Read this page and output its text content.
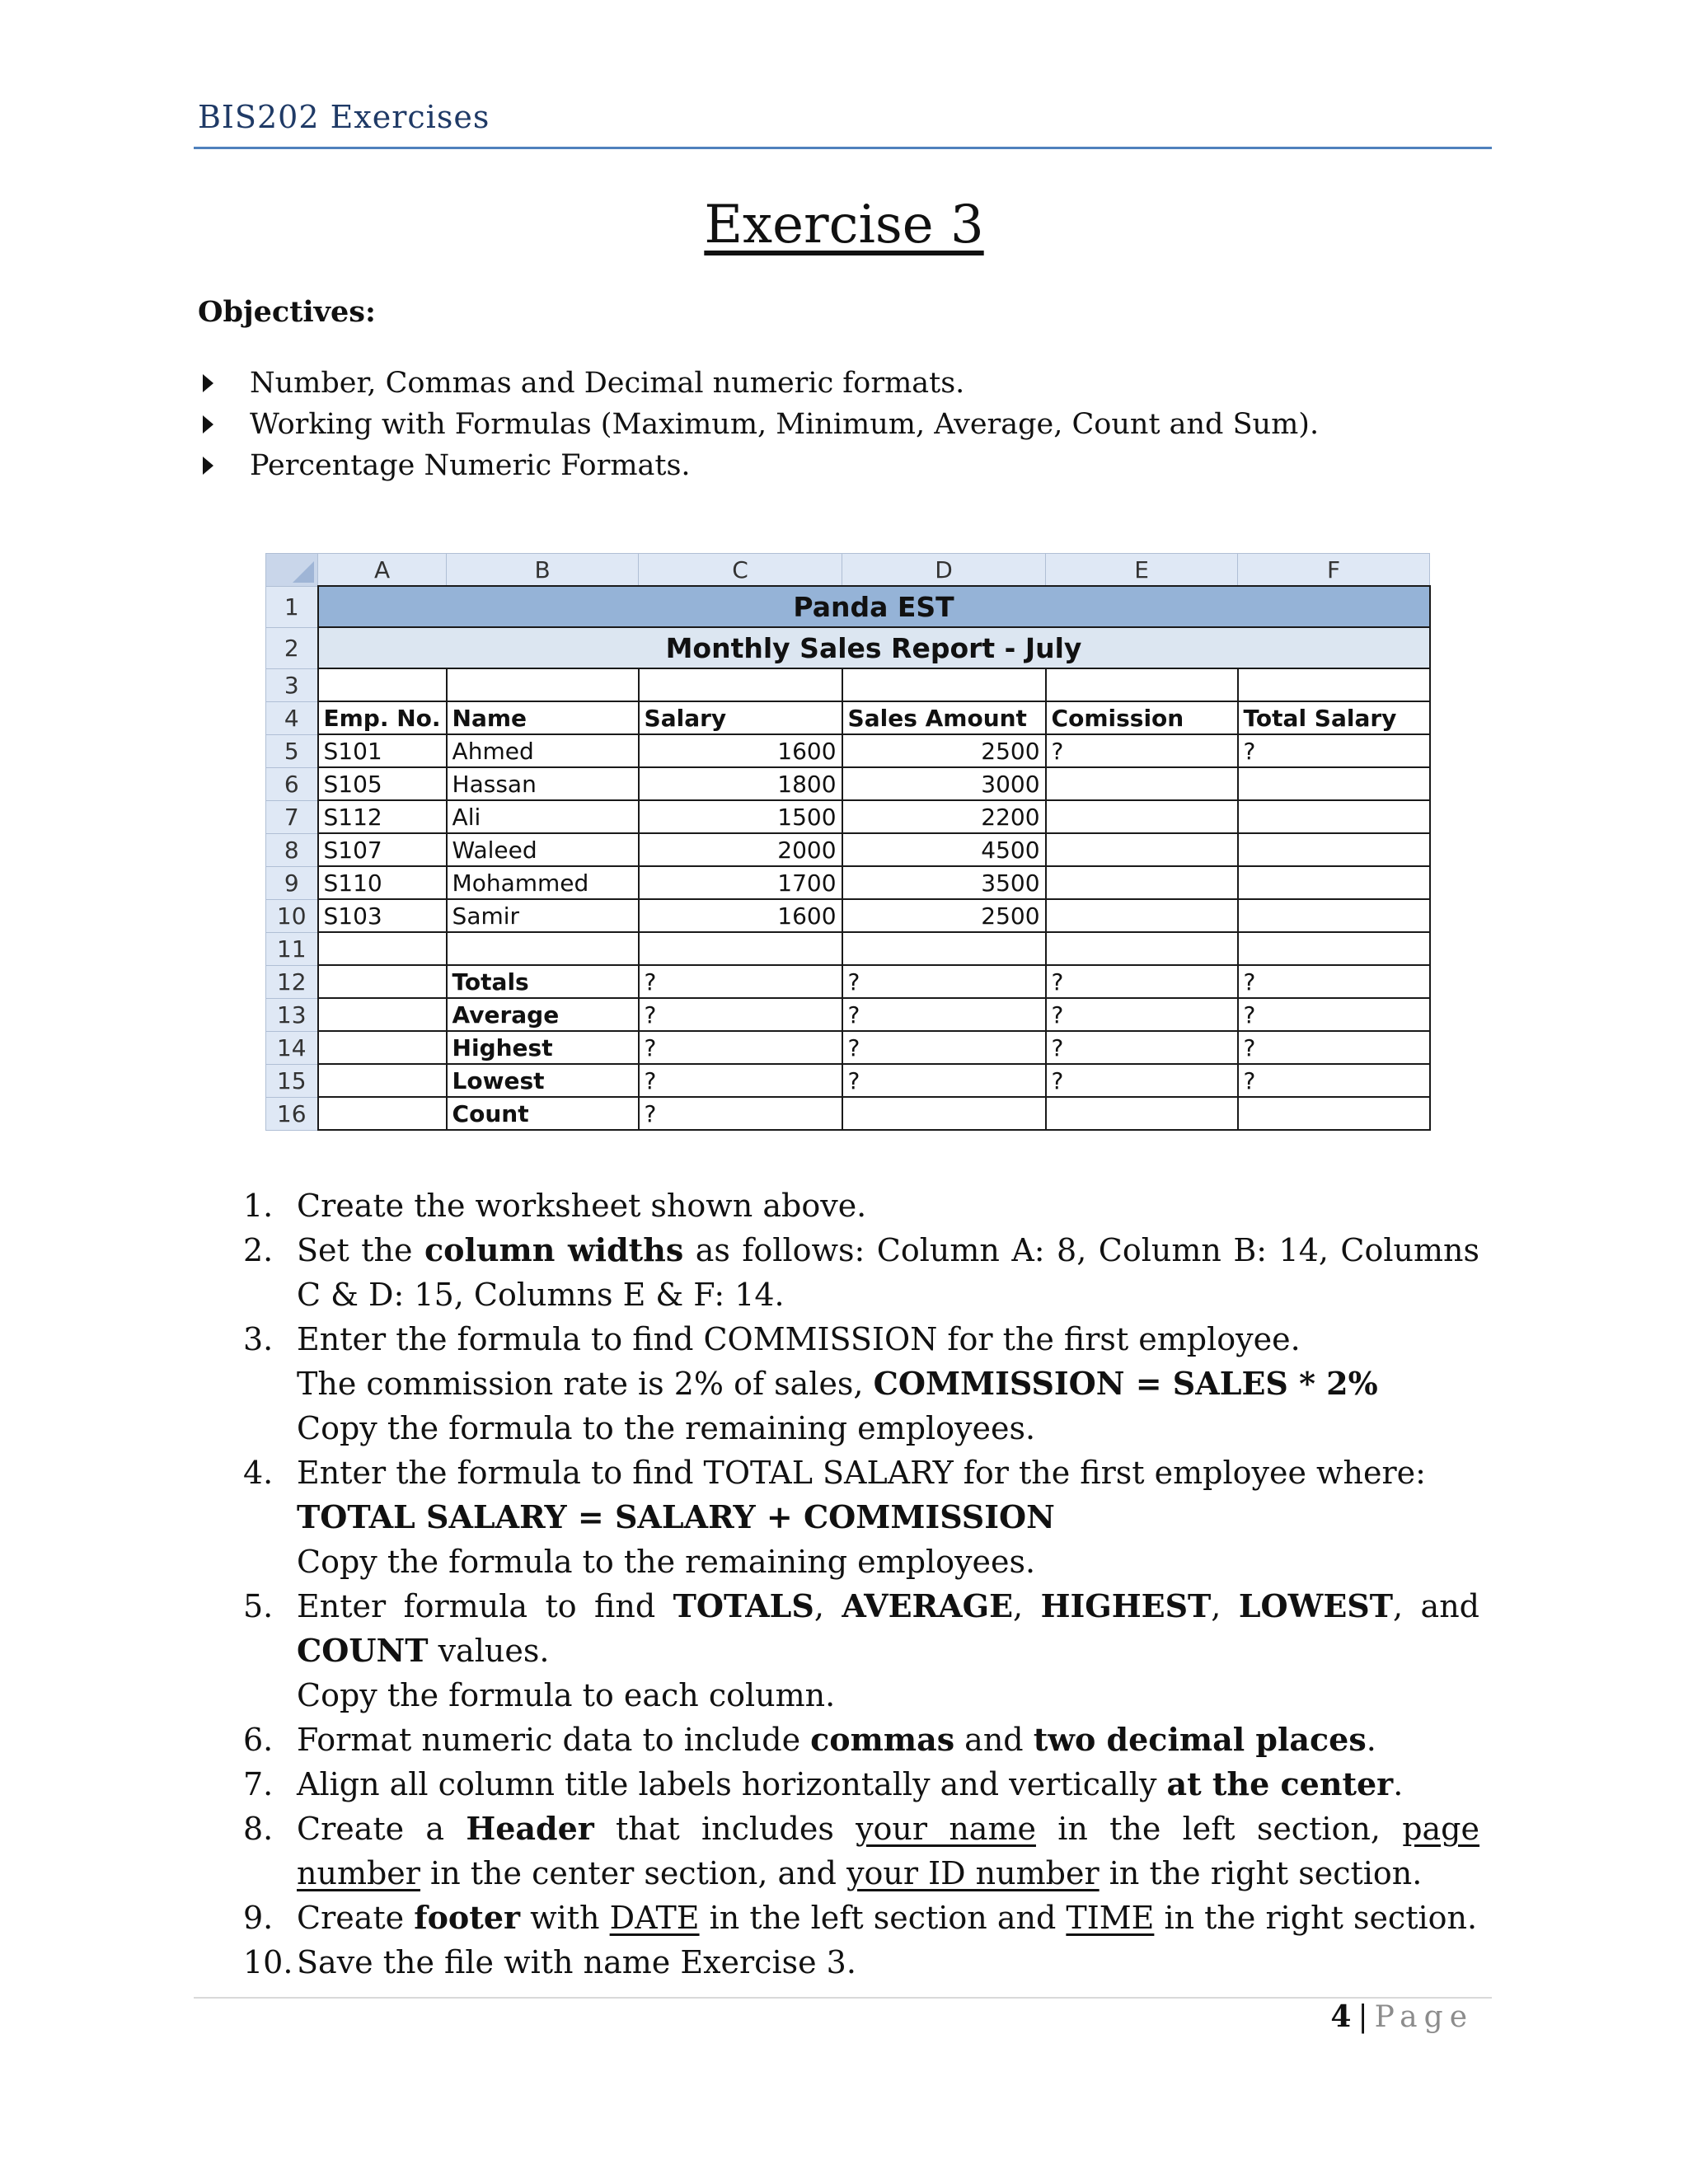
BIS202 Exercises
Exercise 3
Objectives:
Number, Commas and Decimal numeric formats.
Working with Formulas (Maximum, Minimum, Average, Count and Sum).
Percentage Numeric Formats.
	A	B	C	D	E	F
1	Panda EST					
2	Monthly Sales Report - July					
3						
4	Emp. No.	Name	Salary	Sales Amount	Comission	Total Salary
5	S101	Ahmed	1600	2500	?	?
6	S105	Hassan	1800	3000		
7	S112	Ali	1500	2200		
8	S107	Waleed	2000	4500		
9	S110	Mohammed	1700	3500		
10	S103	Samir	1600	2500		
11						
12		Totals	?	?	?	?
13		Average	?	?	?	?
14		Highest	?	?	?	?
15		Lowest	?	?	?	?
16		Count	?			
1. Create the worksheet shown above.
2. Set the column widths as follows: Column A: 8, Column B: 14, Columns C & D: 15, Columns E & F: 14.
3. Enter the formula to find COMMISSION for the first employee.
The commission rate is 2% of sales, COMMISSION = SALES * 2%
Copy the formula to the remaining employees.
4. Enter the formula to find TOTAL SALARY for the first employee where:
TOTAL SALARY = SALARY + COMMISSION
Copy the formula to the remaining employees.
5. Enter formula to find TOTALS, AVERAGE, HIGHEST, LOWEST, and COUNT values.
Copy the formula to each column.
6. Format numeric data to include commas and two decimal places.
7. Align all column title labels horizontally and vertically at the center.
8. Create a Header that includes your name in the left section, page number in the center section, and your ID number in the right section.
9. Create footer with DATE in the left section and TIME in the right section.
10. Save the file with name Exercise 3.
4 | Page
